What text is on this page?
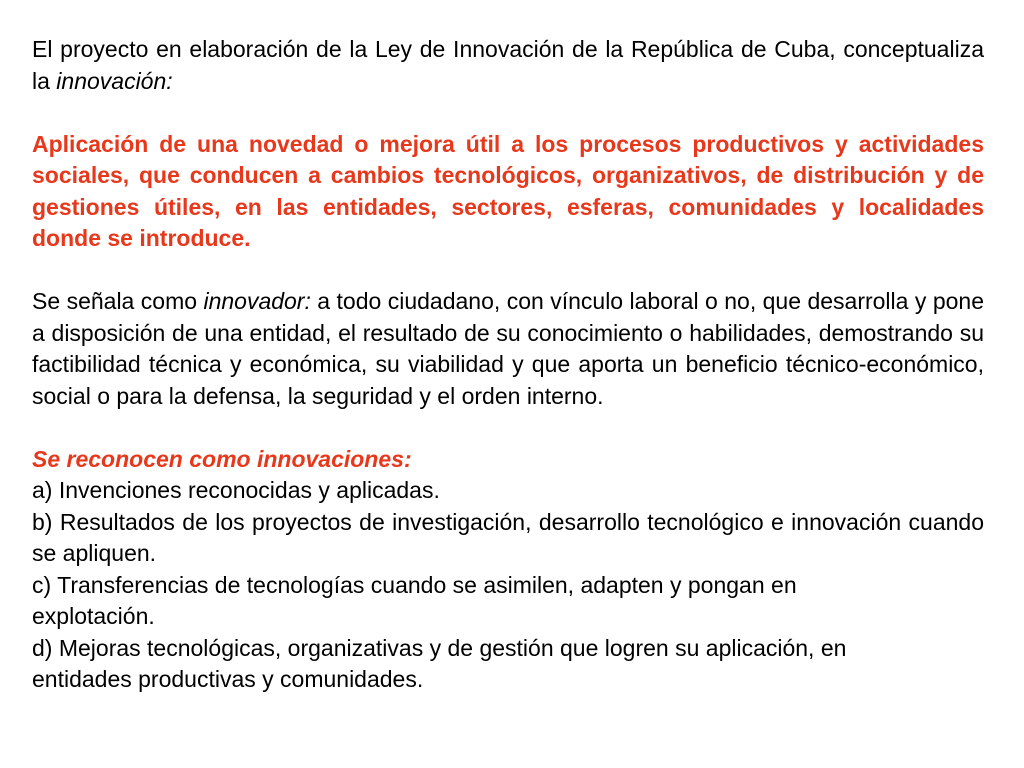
El proyecto en elaboración de la Ley de Innovación de la República de Cuba, conceptualiza la innovación:

Aplicación de una novedad o mejora útil a los procesos productivos y actividades sociales, que conducen a cambios tecnológicos, organizativos, de distribución y de gestiones útiles, en las entidades, sectores, esferas, comunidades y localidades donde se introduce.

Se señala como innovador: a todo ciudadano, con vínculo laboral o no, que desarrolla y pone a disposición de una entidad, el resultado de su conocimiento o habilidades, demostrando su factibilidad técnica y económica, su viabilidad y que aporta un beneficio técnico-económico, social o para la defensa, la seguridad y el orden interno.

Se reconocen como innovaciones:

a) Invenciones reconocidas y aplicadas.

b) Resultados de los proyectos de investigación, desarrollo tecnológico e innovación cuando se apliquen.

c) Transferencias de tecnologías cuando se asimilen, adapten y pongan en explotación.

d) Mejoras tecnológicas, organizativas y de gestión que logren su aplicación, en entidades productivas y comunidades.
